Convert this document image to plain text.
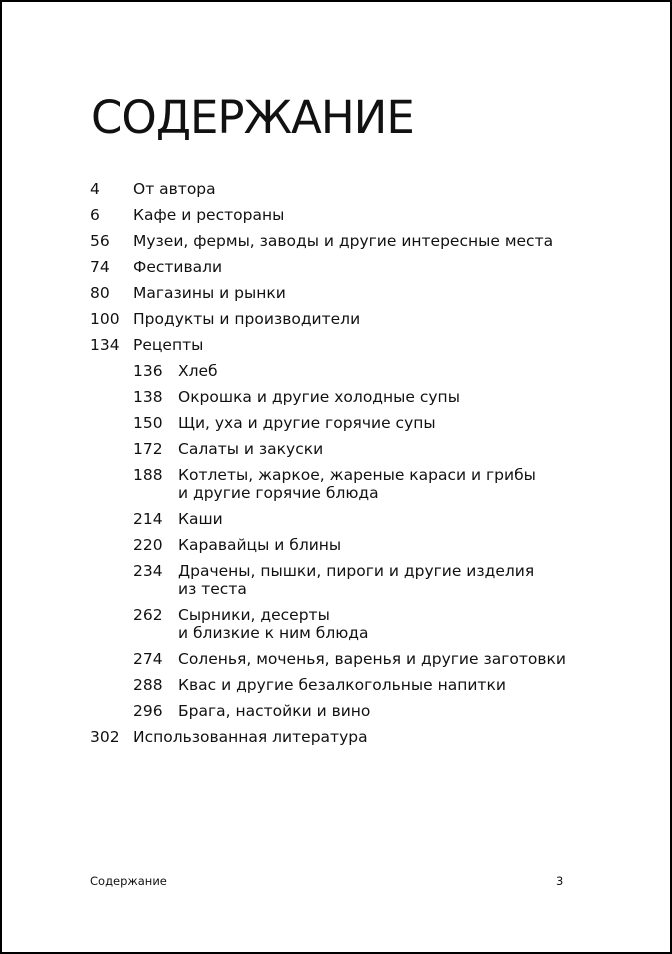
СОДЕРЖАНИЕ
4	От автора
6	Кафе и рестораны
56	Музеи, фермы, заводы и другие интересные места
74	Фестивали
80	Магазины и рынки
100 Продукты и производители
134 Рецепты
136 Хлеб
138 Окрошка и другие холодные супы
150 Щи, уха и другие горячие супы
172 Салаты и закуски
188 Котлеты, жаркое, жареные караси и грибы
и другие горячие блюда
214 Каши
220 Каравайцы и блины
234 Драчены, пышки, пироги и другие изделия
из теста
262 Сырники, десерты
и близкие к ним блюда
274 Соленья, моченья, варенья и другие заготовки
288 Квас и другие безалкогольные напитки
296 Брага, настойки и вино
302 Использованная литература
Содержание	3
